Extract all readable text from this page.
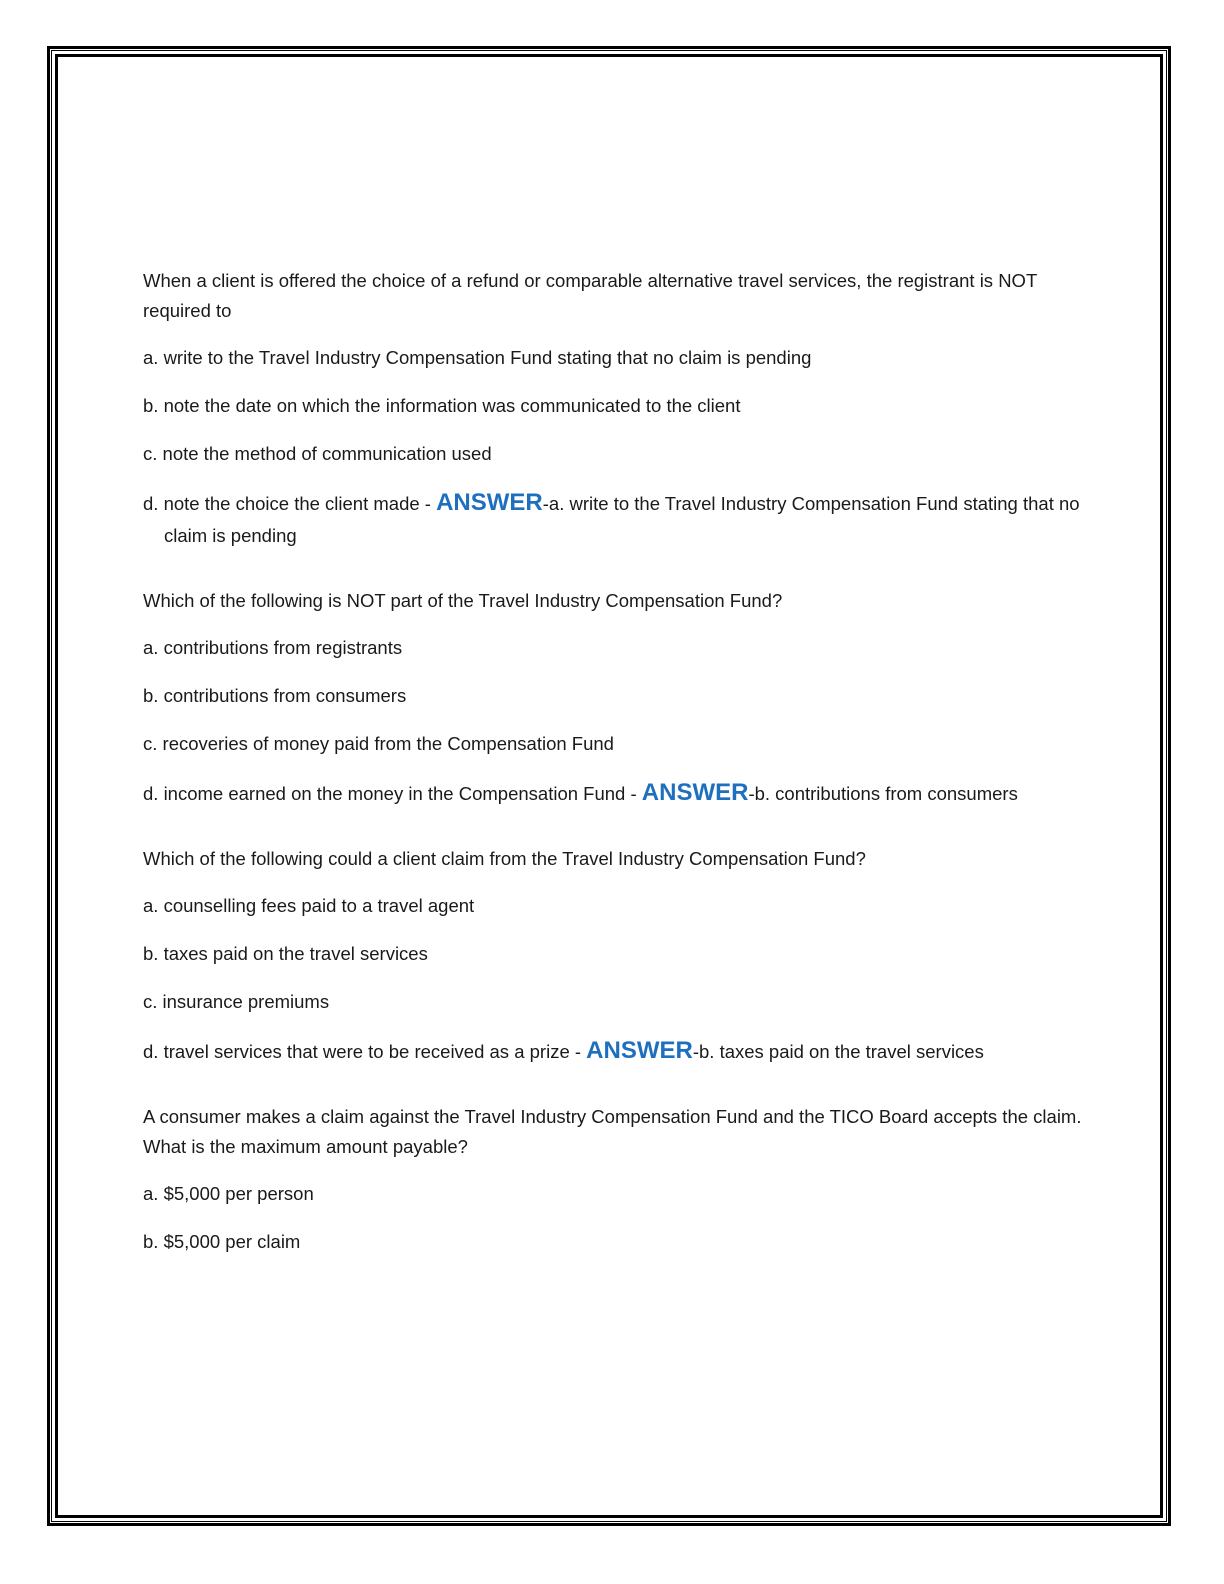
When a client is offered the choice of a refund or comparable alternative travel services, the registrant is NOT required to

a. write to the Travel Industry Compensation Fund stating that no claim is pending

b. note the date on which the information was communicated to the client

c. note the method of communication used

d. note the choice the client made - ANSWER-a. write to the Travel Industry Compensation Fund stating that no claim is pending

Which of the following is NOT part of the Travel Industry Compensation Fund?

a. contributions from registrants

b. contributions from consumers

c. recoveries of money paid from the Compensation Fund

d. income earned on the money in the Compensation Fund - ANSWER-b. contributions from consumers

Which of the following could a client claim from the Travel Industry Compensation Fund?

a. counselling fees paid to a travel agent

b. taxes paid on the travel services

c. insurance premiums

d. travel services that were to be received as a prize - ANSWER-b. taxes paid on the travel services

A consumer makes a claim against the Travel Industry Compensation Fund and the TICO Board accepts the claim. What is the maximum amount payable?

a. $5,000 per person

b. $5,000 per claim
